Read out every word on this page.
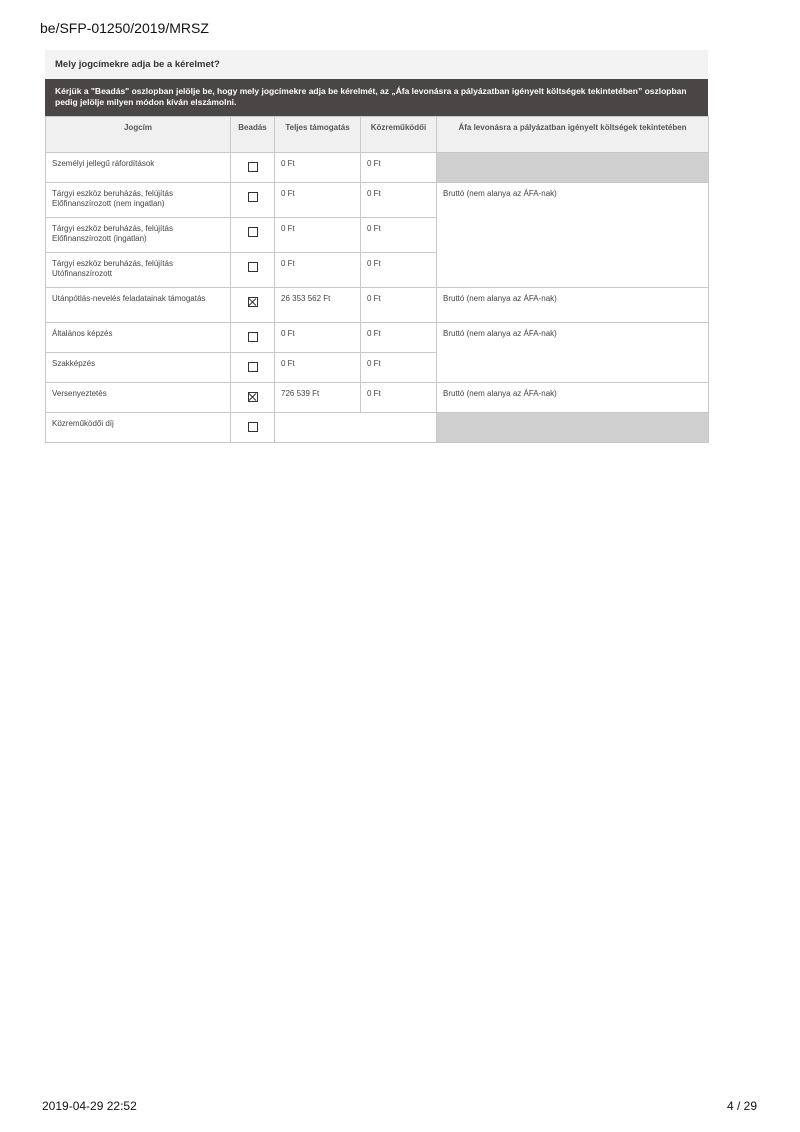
be/SFP-01250/2019/MRSZ
Mely jogcímekre adja be a kérelmet?
Kérjük a "Beadás" oszlopban jelölje be, hogy mely jogcímekre adja be kérelmét, az „Áfa levonásra a pályázatban igényelt költségek tekintetében” oszlopban pedig jelölje milyen módon kíván elszámolni.
Jogcím	Beadás	Teljes támogatás	Közreműködői	Áfa levonásra a pályázatban igényelt költségek tekintetében
Személyi jellegű ráfordítások		0 Ft	0 Ft	
Tárgyi eszköz beruházás, felújítás Előfinanszírozott (nem ingatlan)		0 Ft	0 Ft	Bruttó (nem alanya az ÁFA-nak)
Tárgyi eszköz beruházás, felújítás Előfinanszírozott (ingatlan)		0 Ft	0 Ft	
Tárgyi eszköz beruházás, felújítás Utófinanszírozott		0 Ft	0 Ft	
Utánpótlás-nevelés feladatainak támogatás		26 353 562 Ft	0 Ft	Bruttó (nem alanya az ÁFA-nak)
Általános képzés		0 Ft	0 Ft	Bruttó (nem alanya az ÁFA-nak)
Szakképzés		0 Ft	0 Ft	
Versenyeztetés		726 539 Ft	0 Ft	Bruttó (nem alanya az ÁFA-nak)
Közreműködői díj				
2019-04-29 22:52	4 / 29
